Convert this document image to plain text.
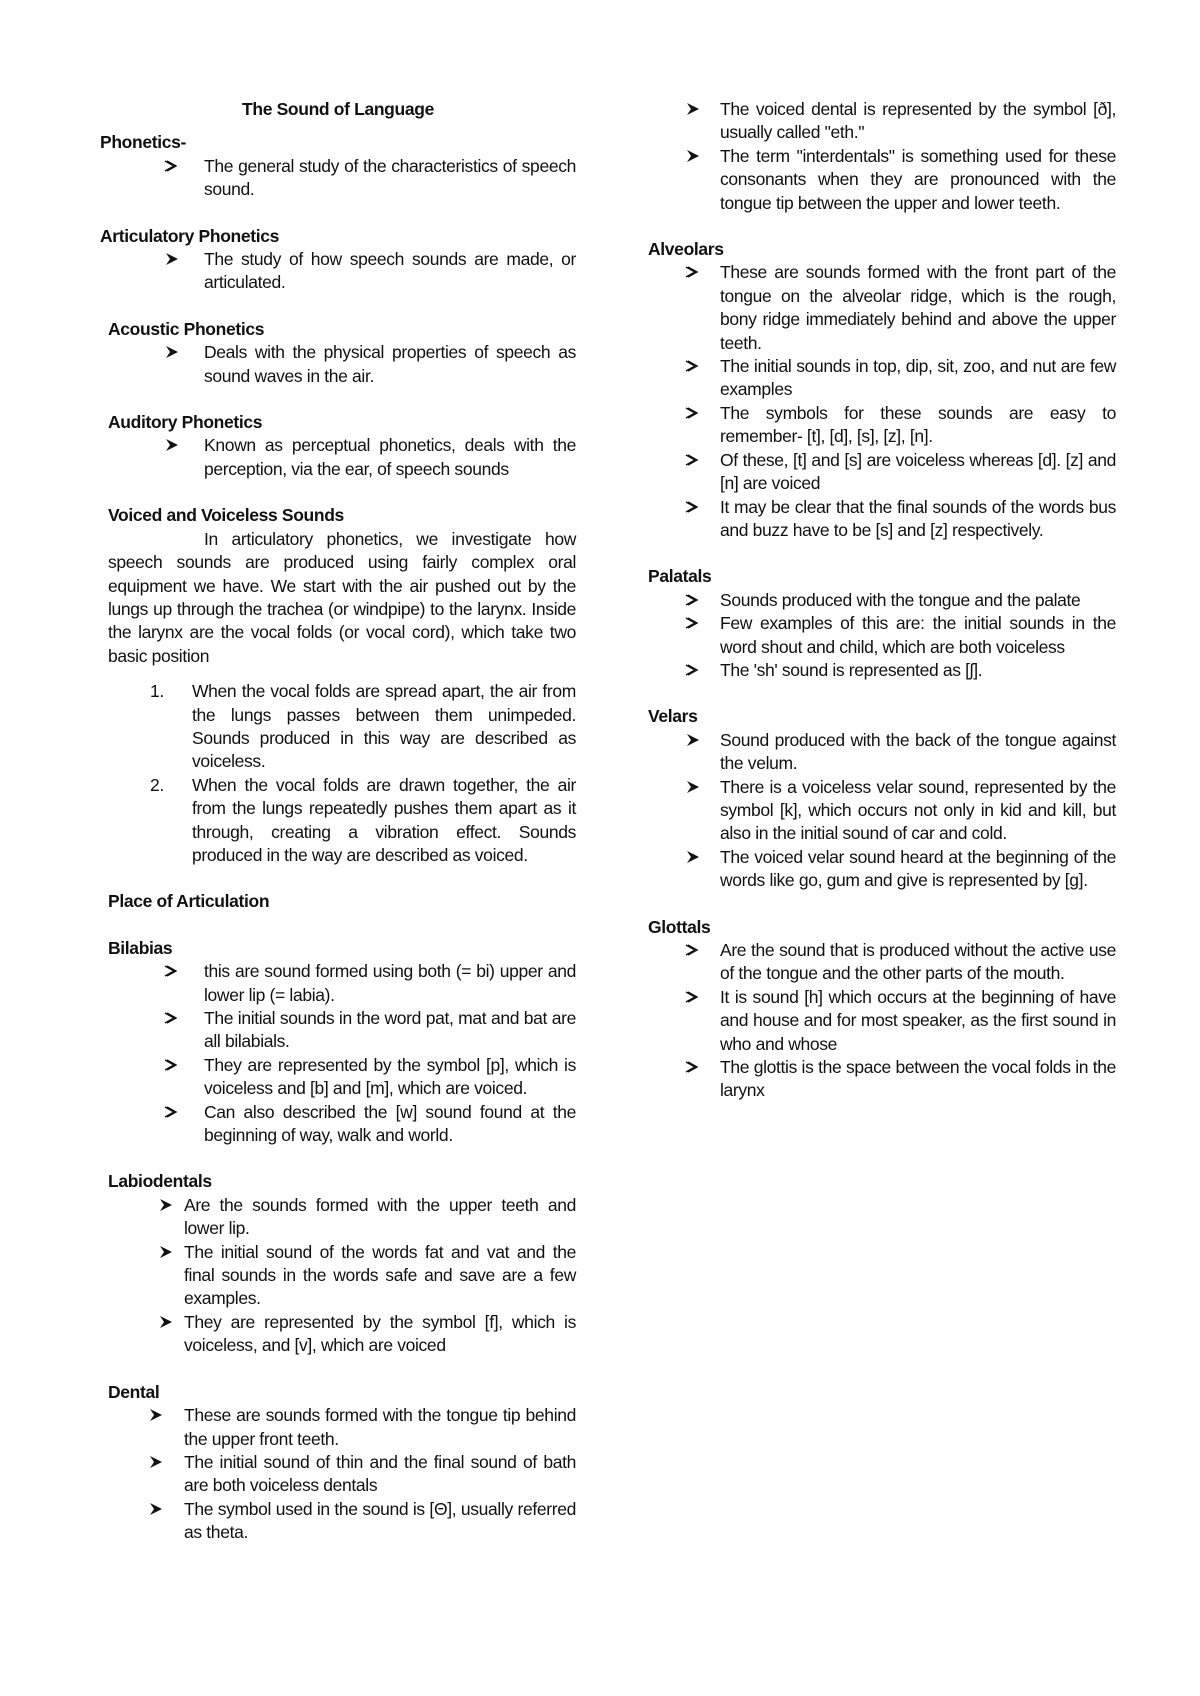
The Sound of Language
Phonetics-
The general study of the characteristics of speech sound.
Articulatory Phonetics
The study of how speech sounds are made, or articulated.
Acoustic Phonetics
Deals with the physical properties of speech as sound waves in the air.
Auditory Phonetics
Known as perceptual phonetics, deals with the perception, via the ear, of speech sounds
Voiced and Voiceless Sounds
In articulatory phonetics, we investigate how speech sounds are produced using fairly complex oral equipment we have. We start with the air pushed out by the lungs up through the trachea (or windpipe) to the larynx. Inside the larynx are the vocal folds (or vocal cord), which take two basic position
1. When the vocal folds are spread apart, the air from the lungs passes between them unimpeded. Sounds produced in this way are described as voiceless.
2. When the vocal folds are drawn together, the air from the lungs repeatedly pushes them apart as it through, creating a vibration effect. Sounds produced in the way are described as voiced.
Place of Articulation
Bilabias
this are sound formed using both (= bi) upper and lower lip (= labia).
The initial sounds in the word pat, mat and bat are all bilabials.
They are represented by the symbol [p], which is voiceless and [b] and [m], which are voiced.
Can also described the [w] sound found at the beginning of way, walk and world.
Labiodentals
Are the sounds formed with the upper teeth and lower lip.
The initial sound of the words fat and vat and the final sounds in the words safe and save are a few examples.
They are represented by the symbol [f], which is voiceless, and [v], which are voiced
Dental
These are sounds formed with the tongue tip behind the upper front teeth.
The initial sound of thin and the final sound of bath are both voiceless dentals
The symbol used in the sound is [Θ], usually referred as theta.
The voiced dental is represented by the symbol [ð], usually called "eth."
The term "interdentals" is something used for these consonants when they are pronounced with the tongue tip between the upper and lower teeth.
Alveolars
These are sounds formed with the front part of the tongue on the alveolar ridge, which is the rough, bony ridge immediately behind and above the upper teeth.
The initial sounds in top, dip, sit, zoo, and nut are few examples
The symbols for these sounds are easy to remember- [t], [d], [s], [z], [n].
Of these, [t] and [s] are voiceless whereas [d]. [z] and [n] are voiced
It may be clear that the final sounds of the words bus and buzz have to be [s] and [z] respectively.
Palatals
Sounds produced with the tongue and the palate
Few examples of this are: the initial sounds in the word shout and child, which are both voiceless
The 'sh' sound is represented as [ʃ].
Velars
Sound produced with the back of the tongue against the velum.
There is a voiceless velar sound, represented by the symbol [k], which occurs not only in kid and kill, but also in the initial sound of car and cold.
The voiced velar sound heard at the beginning of the words like go, gum and give is represented by [g].
Glottals
Are the sound that is produced without the active use of the tongue and the other parts of the mouth.
It is sound [h] which occurs at the beginning of have and house and for most speaker, as the first sound in who and whose
The glottis is the space between the vocal folds in the larynx
